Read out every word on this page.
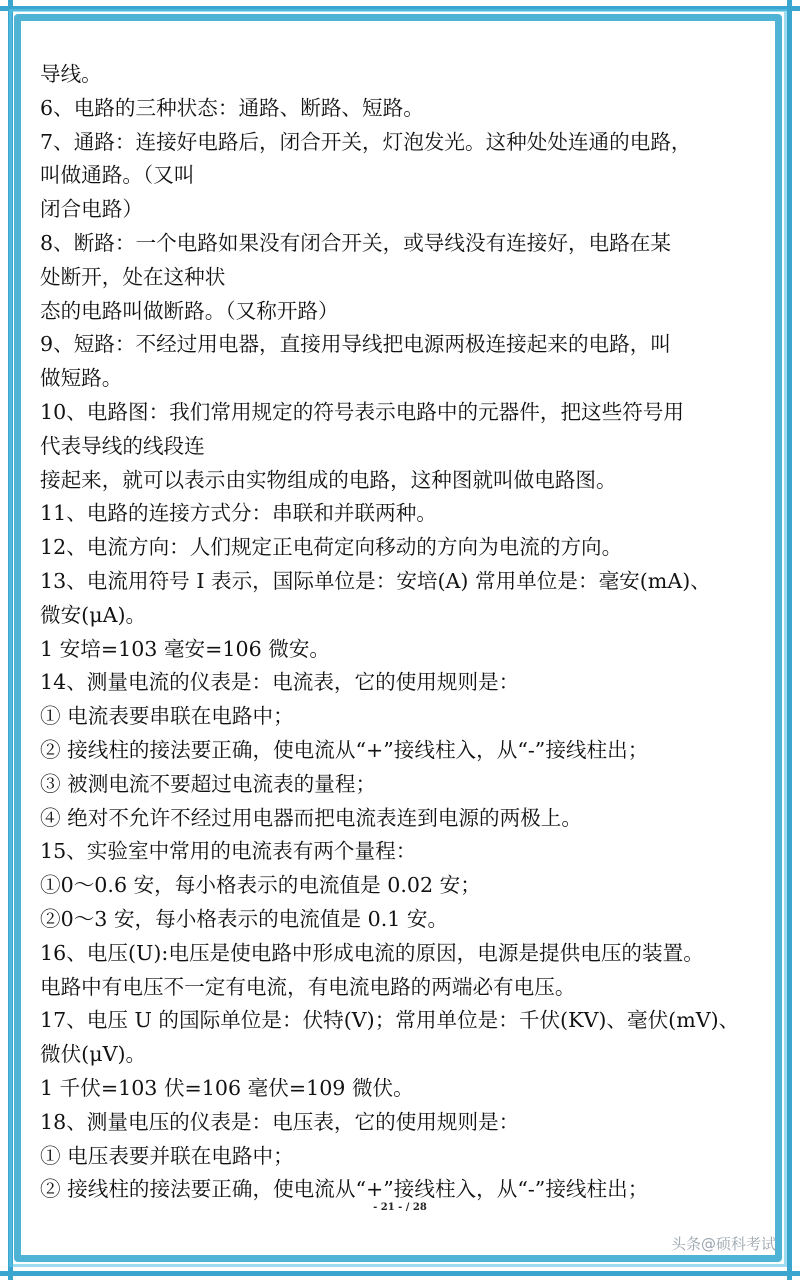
导线。
6、电路的三种状态：通路、断路、短路。
7、通路：连接好电路后，闭合开关，灯泡发光。这种处处连通的电路，
叫做通路。（又叫
闭合电路）
8、断路：一个电路如果没有闭合开关，或导线没有连接好，电路在某
处断开，处在这种状
态的电路叫做断路。（又称开路）
9、短路：不经过用电器，直接用导线把电源两极连接起来的电路，叫
做短路。
10、电路图：我们常用规定的符号表示电路中的元器件，把这些符号用
代表导线的线段连
接起来，就可以表示由实物组成的电路，这种图就叫做电路图。
11、电路的连接方式分：串联和并联两种。
12、电流方向：人们规定正电荷定向移动的方向为电流的方向。
13、电流用符号 I 表示，国际单位是：安培(A) 常用单位是：毫安(mA)、
微安(μA)。
1 安培=103 毫安=106 微安。
14、测量电流的仪表是：电流表，它的使用规则是：
① 电流表要串联在电路中；
② 接线柱的接法要正确，使电流从“+”接线柱入，从“-”接线柱出；
③ 被测电流不要超过电流表的量程；
④ 绝对不允许不经过用电器而把电流表连到电源的两极上。
15、实验室中常用的电流表有两个量程：
①0～0.6 安，每小格表示的电流值是 0.02 安；
②0～3 安，每小格表示的电流值是 0.1 安。
16、电压(U):电压是使电路中形成电流的原因，电源是提供电压的装置。
电路中有电压不一定有电流，有电流电路的两端必有电压。
17、电压 U 的国际单位是：伏特(V)；常用单位是：千伏(KV)、毫伏(mV)、
微伏(μV)。
1 千伏=103 伏=106 毫伏=109 微伏。
18、测量电压的仪表是：电压表，它的使用规则是：
① 电压表要并联在电路中；
② 接线柱的接法要正确，使电流从“+”接线柱入，从“-”接线柱出；
- 21 - / 28
头条@硕科考试
